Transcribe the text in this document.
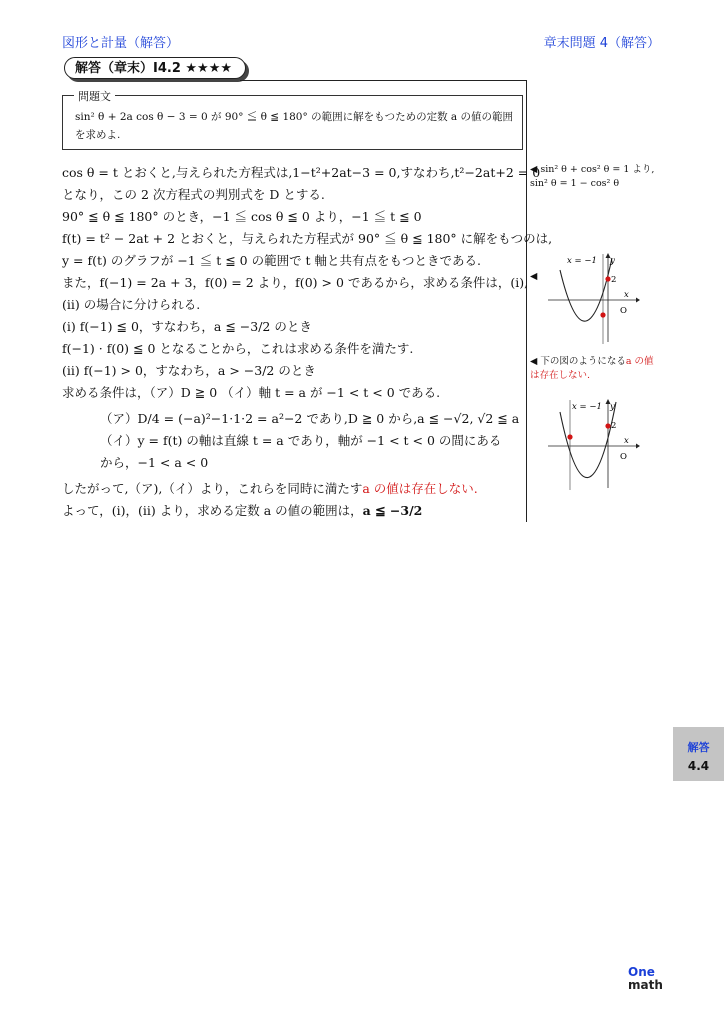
図形と計量（解答）	章末問題 4（解答）
解答（章末）I4.2 ★★★★
問題文
sin² θ + 2a cos θ − 3 = 0 が 90° ≦ θ ≦ 180° の範囲に解をもつための定数 a の値の範囲
を求めよ.
cos θ = t とおくと,与えられた方程式は,1−t²+2at−3 = 0,すなわち,t²−2at+2 = 0
となり，この 2 次方程式の判別式を D とする.
90° ≦ θ ≦ 180° のとき，−1 ≦ cos θ ≦ 0 より，−1 ≦ t ≦ 0
f(t) = t² − 2at + 2 とおくと，与えられた方程式が 90° ≦ θ ≦ 180° に解をもつのは,
y = f(t) のグラフが −1 ≦ t ≦ 0 の範囲で t 軸と共有点をもつときである.
また，f(−1) = 2a + 3，f(0) = 2 より，f(0) > 0 であるから，求める条件は，(i),
(ii) の場合に分けられる.
(i) f(−1) ≦ 0，すなわち，a ≦ −3/2 のとき
f(−1) · f(0) ≦ 0 となることから，これは求める条件を満たす.
(ii) f(−1) > 0，すなわち，a > −3/2 のとき
求める条件は，（ア）D ≧ 0 （イ）軸 t = a が −1 < t < 0 である.
（ア）D/4 = (−a)²−1·1·2 = a²−2 であり,D ≧ 0 から,a ≦ −√2, √2 ≦ a
（イ）y = f(t) の軸は直線 t = a であり，軸が −1 < t < 0 の間にある
から，−1 < a < 0
したがって,（ア),（イ）より，これらを同時に満たすa の値は存在しない.
よって，(i)，(ii) より，求める定数 a の値の範囲は，a ≦ −3/2
◀ sin² θ + cos² θ = 1 より,
sin² θ = 1 − cos² θ
◀
◀ 下の図のようになるa の値
は存在しない.
x = −1 y
x
O
2
x = −1 y
x
O
2
解答
4.4
One
math
